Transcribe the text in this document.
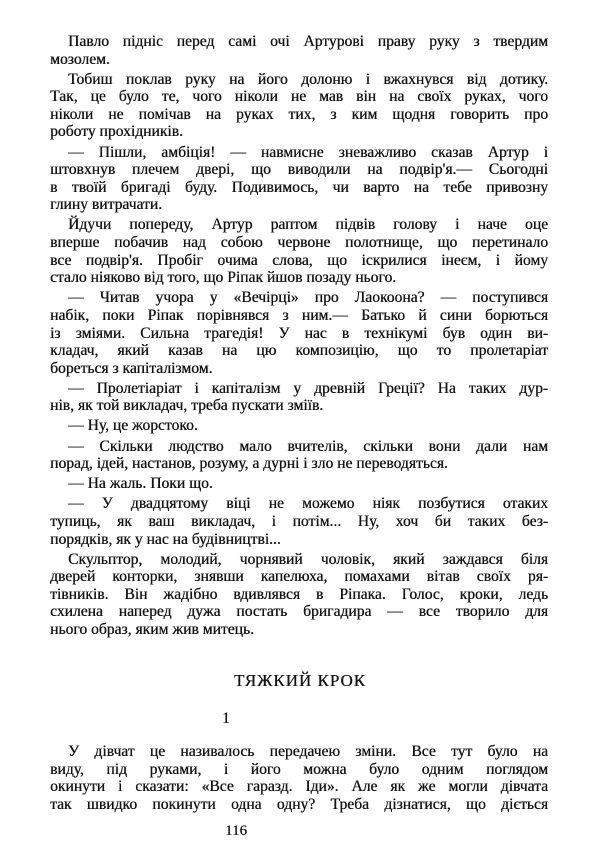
Павло підніс перед самі очі Артурові праву руку з твердим
мозолем.
Тобиш поклав руку на його долоню і вжахнувся від дотику.
Так, це було те, чого ніколи не мав він на своїх руках, чого
ніколи не помічав на руках тих, з ким щодня говорить про
роботу прохідників.
— Пішли, амбіція! — навмисне зневажливо сказав Артур і
штовхнув плечем двері, що виводили на подвір'я.— Сьогодні
в твоїй бригаді буду. Подивимось, чи варто на тебе привозну
глину витрачати.
Йдучи попереду, Артур раптом підвів голову і наче оце
вперше побачив над собою червоне полотнище, що перетинало
все подвір'я. Пробіг очима слова, що іскрилися інеєм, і йому
стало ніяково від того, що Ріпак йшов позаду нього.
— Читав учора у «Вечірці» про Лаокоона? — поступився
набік, поки Ріпак порівнявся з ним.— Батько й сини борються
із зміями. Сильна трагедія! У нас в технікумі був один ви-
кладач, який казав на цю композицію, що то пролетаріат
бореться з капіталізмом.
— Пролетіаріат і капіталізм у древній Греції? На таких дур-
нів, як той викладач, треба пускати зміїв.
— Ну, це жорстоко.
— Скільки людство мало вчителів, скільки вони дали нам
порад, ідей, настанов, розуму, а дурні і зло не переводяться.
— На жаль. Поки що.
— У двадцятому віці не можемо ніяк позбутися отаких
тупиць, як ваш викладач, і потім... Ну, хоч би таких без-
порядків, як у нас на будівництві...
Скульптор, молодий, чорнявий чоловік, який заждався біля
дверей конторки, знявши капелюха, помахами вітав своїх ря-
тівників. Він жадібно вдивлявся в Ріпака. Голос, кроки, ледь
схилена наперед дужа постать бригадира — все творило для
нього образ, яким жив митець.
ТЯЖКИЙ КРОК
1
У дівчат це називалось передачею зміни. Все тут було на
виду, під руками, і його можна було одним поглядом
окинути і сказати: «Все гаразд. Іди». Але як же могли дівчата
так швидко покинути одна одну? Треба дізнатися, що діється
116
